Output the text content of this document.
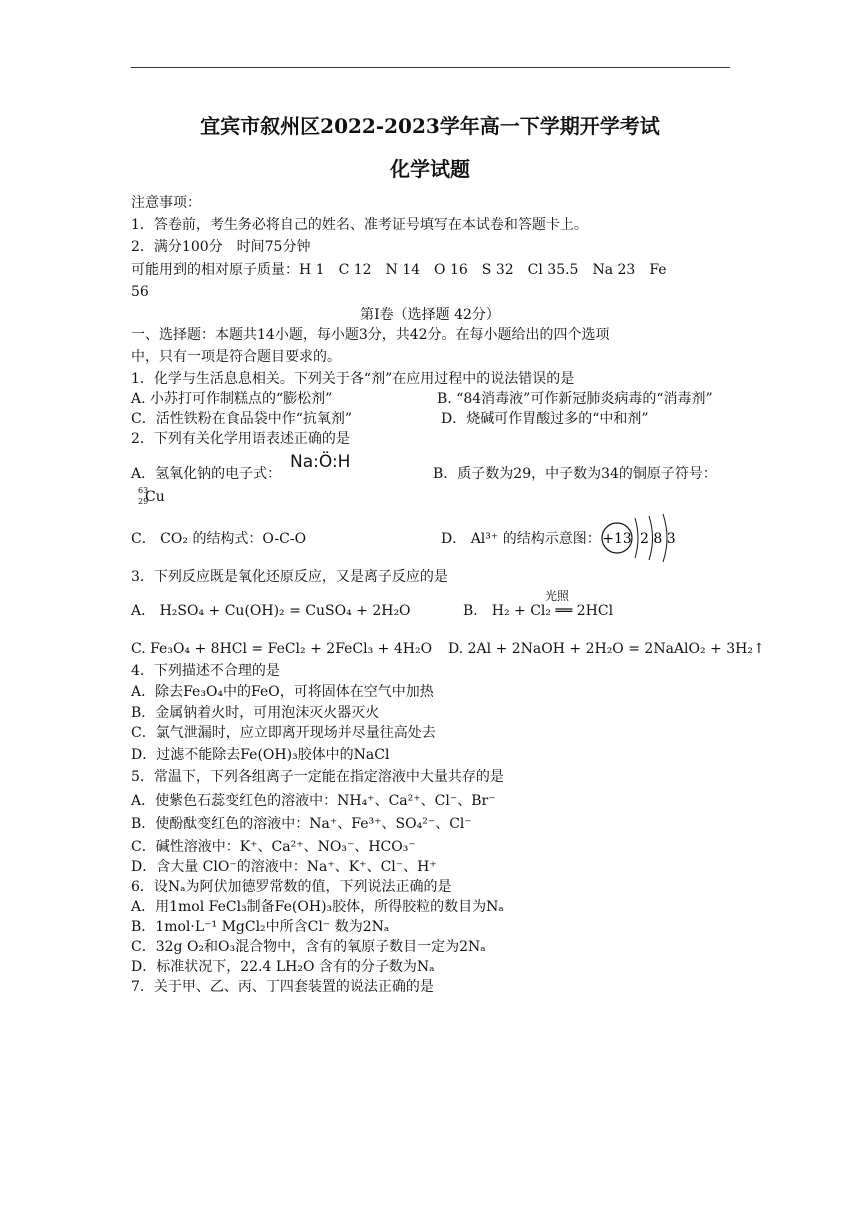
宜宾市叙州区2022-2023学年高一下学期开学考试
化学试题
注意事项：
1．答卷前，考生务必将自己的姓名、准考证号填写在本试卷和答题卡上。
2．满分100分　时间75分钟
可能用到的相对原子质量：H 1　C 12　N 14　O 16　S 32　Cl 35.5　Na 23　Fe
56
第I卷（选择题 42分）
一、选择题：本题共14小题，每小题3分，共42分。在每小题给出的四个选项
中，只有一项是符合题目要求的。
1．化学与生活息息相关。下列关于各“剂”在应用过程中的说法错误的是
A. 小苏打可作制糕点的“膨松剂”	B. “84消毒液”可作新冠肺炎病毒的“消毒剂”
C．活性铁粉在食品袋中作“抗氧剂”	D．烧碱可作胃酸过多的“中和剂”
2．下列有关化学用语表述正确的是
A．氢氧化钠的电子式：
Na:Ö:H
B．质子数为29，中子数为34的铜原子符号：
63
29
Cu
C． CO₂ 的结构式：O-C-O	D． Al³⁺ 的结构示意图： +13 2 8 3
3．下列反应既是氧化还原反应，又是离子反应的是
A． H₂SO₄ + Cu(OH)₂ = CuSO₄ + 2H₂O
光照
B． H₂ + Cl₂ ══ 2HCl
C. Fe₃O₄ + 8HCl = FeCl₂ + 2FeCl₃ + 4H₂O D. 2Al + 2NaOH + 2H₂O = 2NaAlO₂ + 3H₂↑
4．下列描述不合理的是
A．除去Fe₃O₄中的FeO，可将固体在空气中加热
B．金属钠着火时，可用泡沫灭火器灭火
C．氯气泄漏时，应立即离开现场并尽量往高处去
D．过滤不能除去Fe(OH)₃胶体中的NaCl
5．常温下，下列各组离子一定能在指定溶液中大量共存的是
A．使紫色石蕊变红色的溶液中：NH₄⁺、Ca²⁺、Cl⁻、Br⁻
B．使酚酞变红色的溶液中：Na⁺、Fe³⁺、SO₄²⁻、Cl⁻
C．碱性溶液中：K⁺、Ca²⁺、NO₃⁻、HCO₃⁻
D．含大量 ClO⁻的溶液中：Na⁺、K⁺、Cl⁻、H⁺
6．设Nₐ为阿伏加德罗常数的值，下列说法正确的是
A．用1mol FeCl₃制备Fe(OH)₃胶体，所得胶粒的数目为Nₐ
B．1mol·L⁻¹ MgCl₂中所含Cl⁻ 数为2Nₐ
C．32g O₂和O₃混合物中，含有的氧原子数目一定为2Nₐ
D．标准状况下，22.4 LH₂O 含有的分子数为Nₐ
7．关于甲、乙、丙、丁四套装置的说法正确的是
